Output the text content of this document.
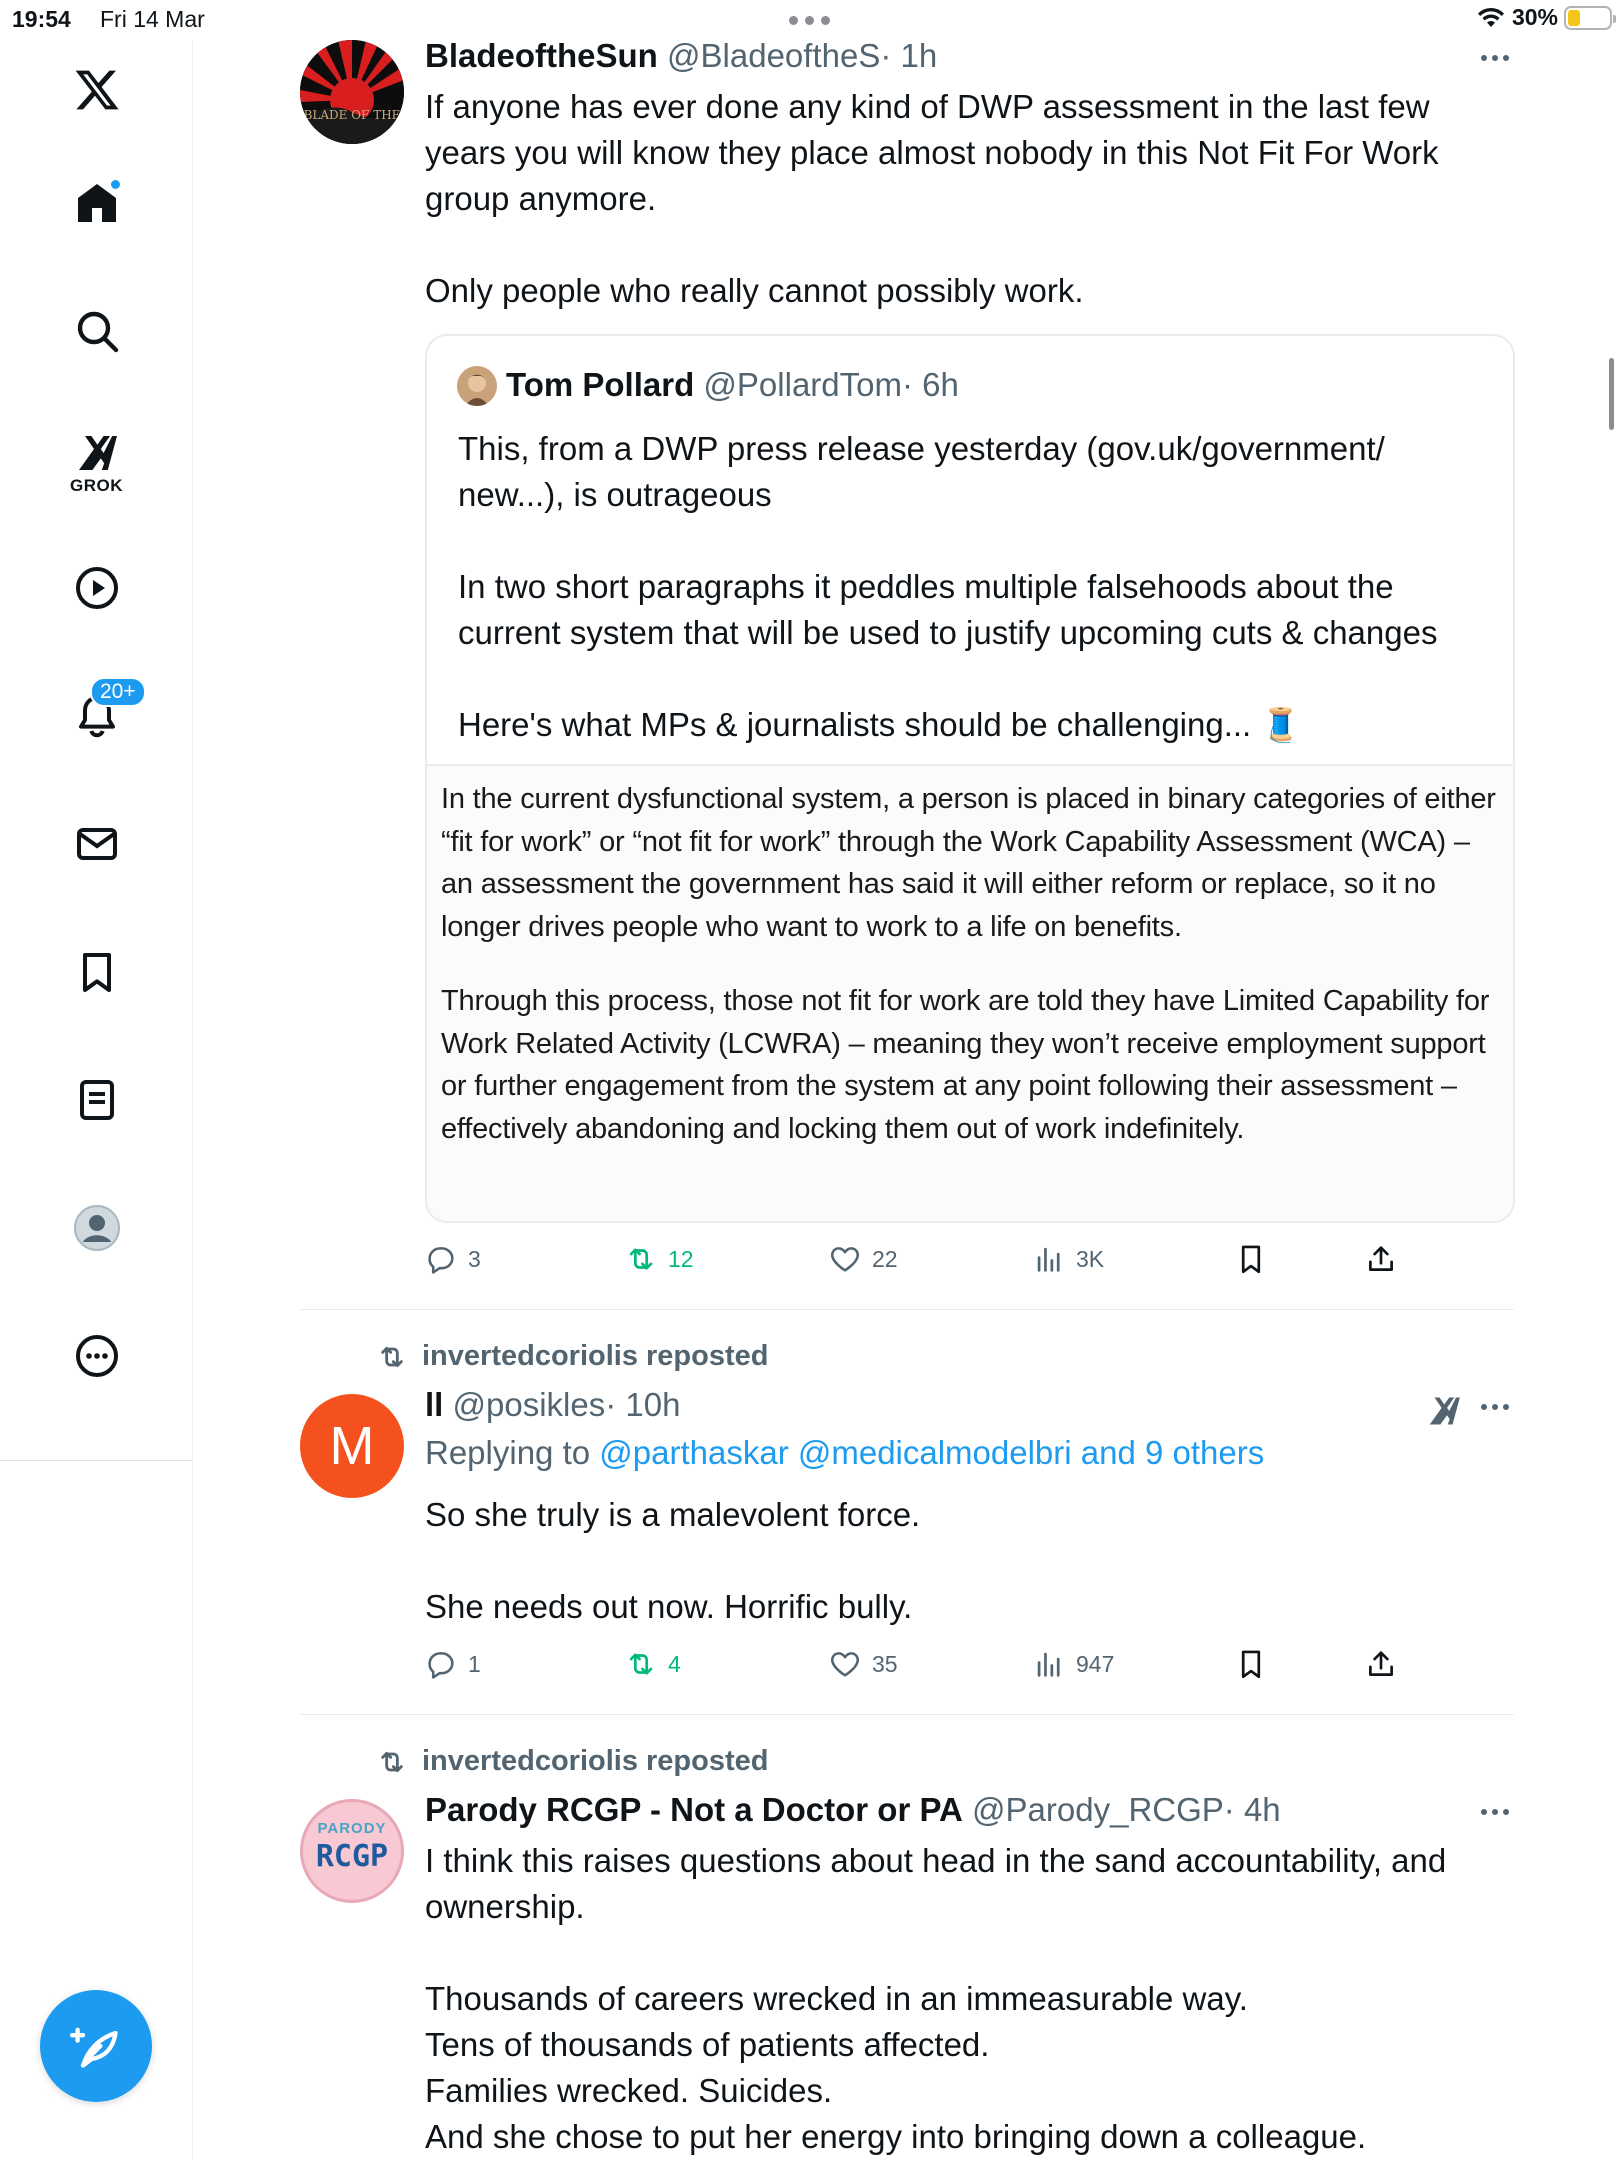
19:54 Fri 14 Mar	30%
GROK
20+
BLADE OF THE
BladeoftheSun @BladeoftheS· 1h

If anyone has ever done any kind of DWP assessment in the last few years you will know they place almost nobody in this Not Fit For Work group anymore.

Only people who really cannot possibly work.

Tom Pollard @PollardTom· 6h

This, from a DWP press release yesterday (gov.uk/government/ new...), is outrageous

In two short paragraphs it peddles multiple falsehoods about the current system that will be used to justify upcoming cuts & changes

Here's what MPs & journalists should be challenging... 🧵

In the current dysfunctional system, a person is placed in binary categories of either “fit for work” or “not fit for work” through the Work Capability Assessment (WCA) – an assessment the government has said it will either reform or replace, so it no longer drives people who want to work to a life on benefits.

Through this process, those not fit for work are told they have Limited Capability for Work Related Activity (LCWRA) – meaning they won’t receive employment support or further engagement from the system at any point following their assessment – effectively abandoning and locking them out of work indefinitely.

3	12	22	3K
invertedcoriolis reposted
M
ll @posikles· 10h
Replying to @parthaskar @medicalmodelbri and 9 others

So she truly is a malevolent force.

She needs out now. Horrific bully.

1	4	35	947
invertedcoriolis reposted
PARODY
RCGP
Parody RCGP - Not a Doctor or PA @Parody_RCGP· 4h

I think this raises questions about head in the sand accountability, and ownership.

Thousands of careers wrecked in an immeasurable way.

Tens of thousands of patients affected.

Families wrecked. Suicides.

And she chose to put her energy into bringing down a colleague.
